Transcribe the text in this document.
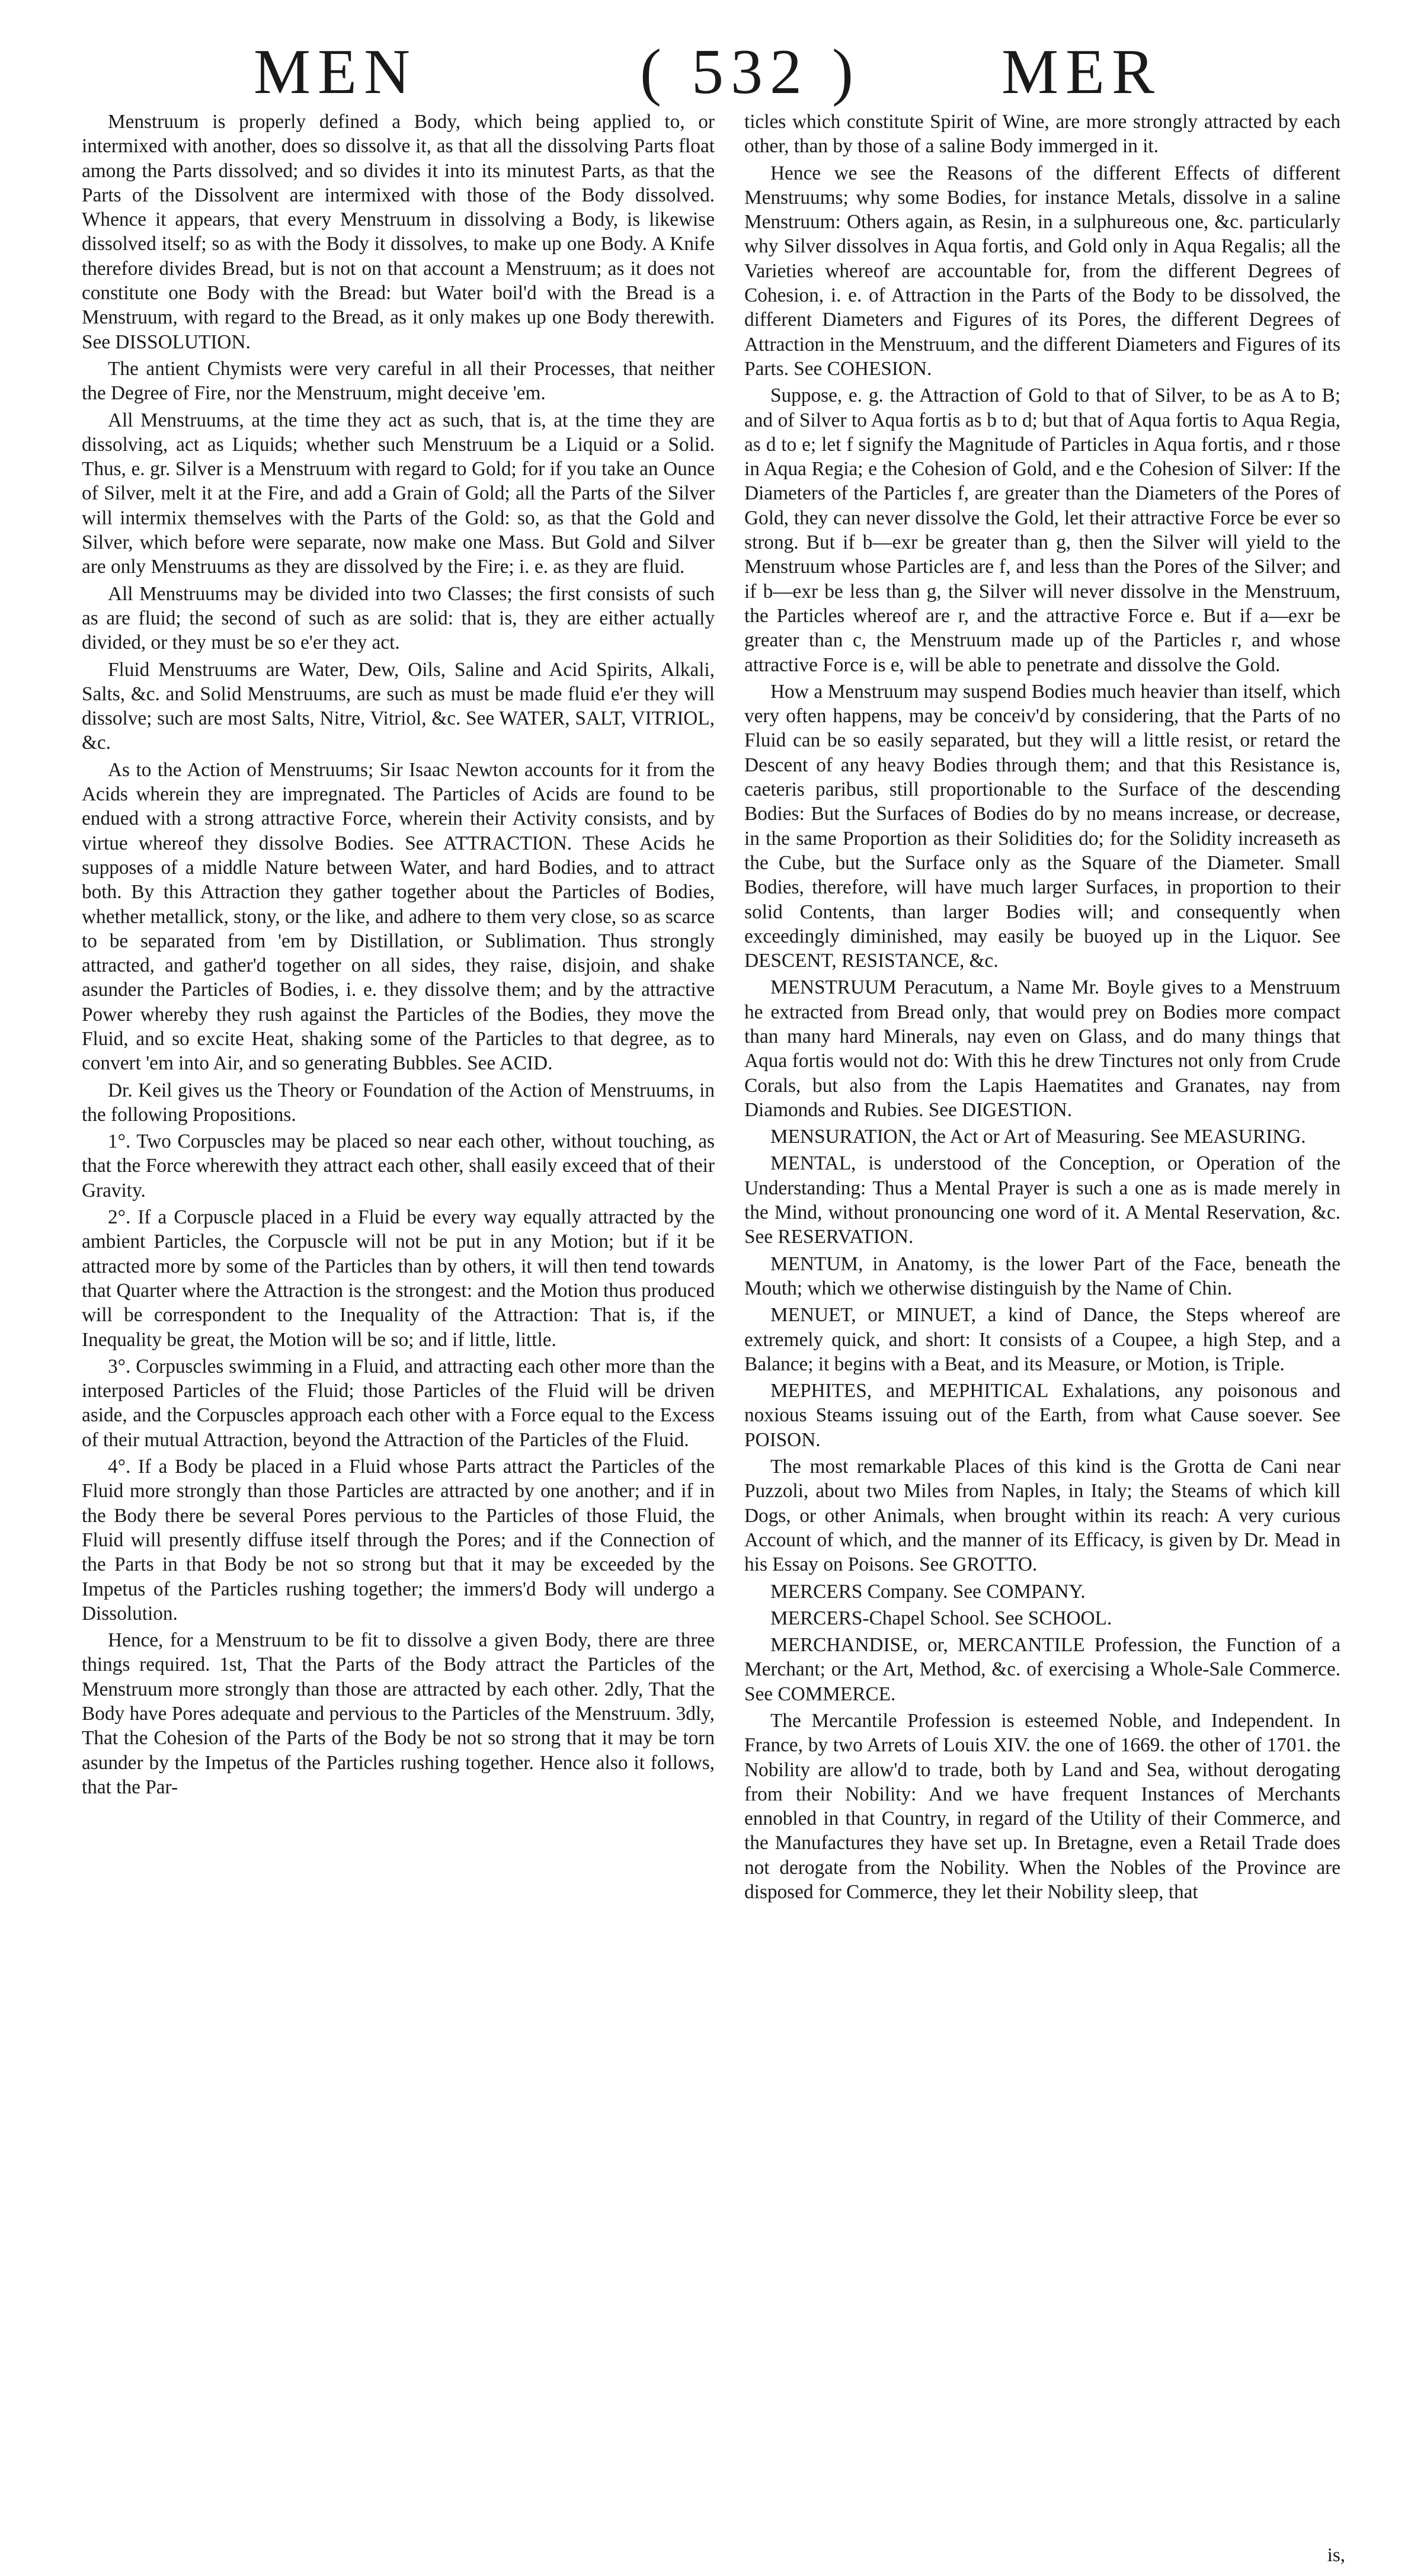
MEN	( 532 ) MER

Menstruum is properly defined a Body, which being applied to, or intermixed with another, does so dissolve it, as that all the dissolving Parts float among the Parts dissolved; and so divides it into its minutest Parts, as that the Parts of the Dissolvent are intermixed with those of the Body dissolved. Whence it appears, that every Menstruum in dissolving a Body, is likewise dissolved itself; so as with the Body it dissolves, to make up one Body. A Knife therefore divides Bread, but is not on that account a Menstruum; as it does not constitute one Body with the Bread: but Water boil'd with the Bread is a Menstruum, with regard to the Bread, as it only makes up one Body therewith. See DISSOLUTION.

The antient Chymists were very careful in all their Processes, that neither the Degree of Fire, nor the Menstruum, might deceive 'em.

All Menstruums, at the time they act as such, that is, at the time they are dissolving, act as Liquids; whether such Menstruum be a Liquid or a Solid. Thus, e. gr. Silver is a Menstruum with regard to Gold; for if you take an Ounce of Silver, melt it at the Fire, and add a Grain of Gold; all the Parts of the Silver will intermix themselves with the Parts of the Gold: so, as that the Gold and Silver, which before were separate, now make one Mass. But Gold and Silver are only Menstruums as they are dissolved by the Fire; i. e. as they are fluid.

All Menstruums may be divided into two Classes; the first consists of such as are fluid; the second of such as are solid: that is, they are either actually divided, or they must be so e'er they act.

Fluid Menstruums are Water, Dew, Oils, Saline and Acid Spirits, Alkali, Salts, &c. and Solid Menstruums, are such as must be made fluid e'er they will dissolve; such are most Salts, Nitre, Vitriol, &c. See WATER, SALT, VITRIOL, &c.

As to the Action of Menstruums; Sir Isaac Newton accounts for it from the Acids wherein they are impregnated. The Particles of Acids are found to be endued with a strong attractive Force, wherein their Activity consists, and by virtue whereof they dissolve Bodies. See ATTRACTION. These Acids he supposes of a middle Nature between Water, and hard Bodies, and to attract both. By this Attraction they gather together about the Particles of Bodies, whether metallick, stony, or the like, and adhere to them very close, so as scarce to be separated from 'em by Distillation, or Sublimation. Thus strongly attracted, and gather'd together on all sides, they raise, disjoin, and shake asunder the Particles of Bodies, i. e. they dissolve them; and by the attractive Power whereby they rush against the Particles of the Bodies, they move the Fluid, and so excite Heat, shaking some of the Particles to that degree, as to convert 'em into Air, and so generating Bubbles. See ACID.

Dr. Keil gives us the Theory or Foundation of the Action of Menstruums, in the following Propositions.

1°. Two Corpuscles may be placed so near each other, without touching, as that the Force wherewith they attract each other, shall easily exceed that of their Gravity.

2°. If a Corpuscle placed in a Fluid be every way equally attracted by the ambient Particles, the Corpuscle will not be put in any Motion; but if it be attracted more by some of the Particles than by others, it will then tend towards that Quarter where the Attraction is the strongest: and the Motion thus produced will be correspondent to the Inequality of the Attraction: That is, if the Inequality be great, the Motion will be so; and if little, little.

3°. Corpuscles swimming in a Fluid, and attracting each other more than the interposed Particles of the Fluid; those Particles of the Fluid will be driven aside, and the Corpuscles approach each other with a Force equal to the Excess of their mutual Attraction, beyond the Attraction of the Particles of the Fluid.

4°. If a Body be placed in a Fluid whose Parts attract the Particles of the Fluid more strongly than those Particles are attracted by one another; and if in the Body there be several Pores pervious to the Particles of those Fluid, the Fluid will presently diffuse itself through the Pores; and if the Connection of the Parts in that Body be not so strong but that it may be exceeded by the Impetus of the Particles rushing together; the immers'd Body will undergo a Dissolution.

Hence, for a Menstruum to be fit to dissolve a given Body, there are three things required. 1st, That the Parts of the Body attract the Particles of the Menstruum more strongly than those are attracted by each other. 2dly, That the Body have Pores adequate and pervious to the Particles of the Menstruum. 3dly, That the Cohesion of the Parts of the Body be not so strong that it may be torn asunder by the Impetus of the Particles rushing together. Hence also it follows, that the Par-

ticles which constitute Spirit of Wine, are more strongly attracted by each other, than by those of a saline Body immerged in it.

Hence we see the Reasons of the different Effects of different Menstruums; why some Bodies, for instance Metals, dissolve in a saline Menstruum: Others again, as Resin, in a sulphureous one, &c. particularly why Silver dissolves in Aqua fortis, and Gold only in Aqua Regalis; all the Varieties whereof are accountable for, from the different Degrees of Cohesion, i. e. of Attraction in the Parts of the Body to be dissolved, the different Diameters and Figures of its Pores, the different Degrees of Attraction in the Menstruum, and the different Diameters and Figures of its Parts. See COHESION.

Suppose, e. g. the Attraction of Gold to that of Silver, to be as A to B; and of Silver to Aqua fortis as b to d; but that of Aqua fortis to Aqua Regia, as d to e; let f signify the Magnitude of Particles in Aqua fortis, and r those in Aqua Regia; e the Cohesion of Gold, and e the Cohesion of Silver: If the Diameters of the Particles f, are greater than the Diameters of the Pores of Gold, they can never dissolve the Gold, let their attractive Force be ever so strong. But if b—exr be greater than g, then the Silver will yield to the Menstruum whose Particles are f, and less than the Pores of the Silver; and if b—exr be less than g, the Silver will never dissolve in the Menstruum, the Particles whereof are r, and the attractive Force e. But if a—exr be greater than c, the Menstruum made up of the Particles r, and whose attractive Force is e, will be able to penetrate and dissolve the Gold.

How a Menstruum may suspend Bodies much heavier than itself, which very often happens, may be conceiv'd by considering, that the Parts of no Fluid can be so easily separated, but they will a little resist, or retard the Descent of any heavy Bodies through them; and that this Resistance is, caeteris paribus, still proportionable to the Surface of the descending Bodies: But the Surfaces of Bodies do by no means increase, or decrease, in the same Proportion as their Solidities do; for the Solidity increaseth as the Cube, but the Surface only as the Square of the Diameter. Small Bodies, therefore, will have much larger Surfaces, in proportion to their solid Contents, than larger Bodies will; and consequently when exceedingly diminished, may easily be buoyed up in the Liquor. See DESCENT, RESISTANCE, &c.

MENSTRUUM Peracutum, a Name Mr. Boyle gives to a Menstruum he extracted from Bread only, that would prey on Bodies more compact than many hard Minerals, nay even on Glass, and do many things that Aqua fortis would not do: With this he drew Tinctures not only from Crude Corals, but also from the Lapis Haematites and Granates, nay from Diamonds and Rubies. See DIGESTION.

MENSURATION, the Act or Art of Measuring. See MEASURING.

MENTAL, is understood of the Conception, or Operation of the Understanding: Thus a Mental Prayer is such a one as is made merely in the Mind, without pronouncing one word of it. A Mental Reservation, &c. See RESERVATION.

MENTUM, in Anatomy, is the lower Part of the Face, beneath the Mouth; which we otherwise distinguish by the Name of Chin.

MENUET, or MINUET, a kind of Dance, the Steps whereof are extremely quick, and short: It consists of a Coupee, a high Step, and a Balance; it begins with a Beat, and its Measure, or Motion, is Triple.

MEPHITES, and MEPHITICAL Exhalations, any poisonous and noxious Steams issuing out of the Earth, from what Cause soever. See POISON.

The most remarkable Places of this kind is the Grotta de Cani near Puzzoli, about two Miles from Naples, in Italy; the Steams of which kill Dogs, or other Animals, when brought within its reach: A very curious Account of which, and the manner of its Efficacy, is given by Dr. Mead in his Essay on Poisons. See GROTTO.

MERCERS Company. See COMPANY.

MERCERS-Chapel School. See SCHOOL.

MERCHANDISE, or, MERCANTILE Profession, the Function of a Merchant; or the Art, Method, &c. of exercising a Whole-Sale Commerce. See COMMERCE.

The Mercantile Profession is esteemed Noble, and Independent. In France, by two Arrets of Louis XIV. the one of 1669. the other of 1701. the Nobility are allow'd to trade, both by Land and Sea, without derogating from their Nobility: And we have frequent Instances of Merchants ennobled in that Country, in regard of the Utility of their Commerce, and the Manufactures they have set up. In Bretagne, even a Retail Trade does not derogate from the Nobility. When the Nobles of the Province are disposed for Commerce, they let their Nobility sleep, that

is,
